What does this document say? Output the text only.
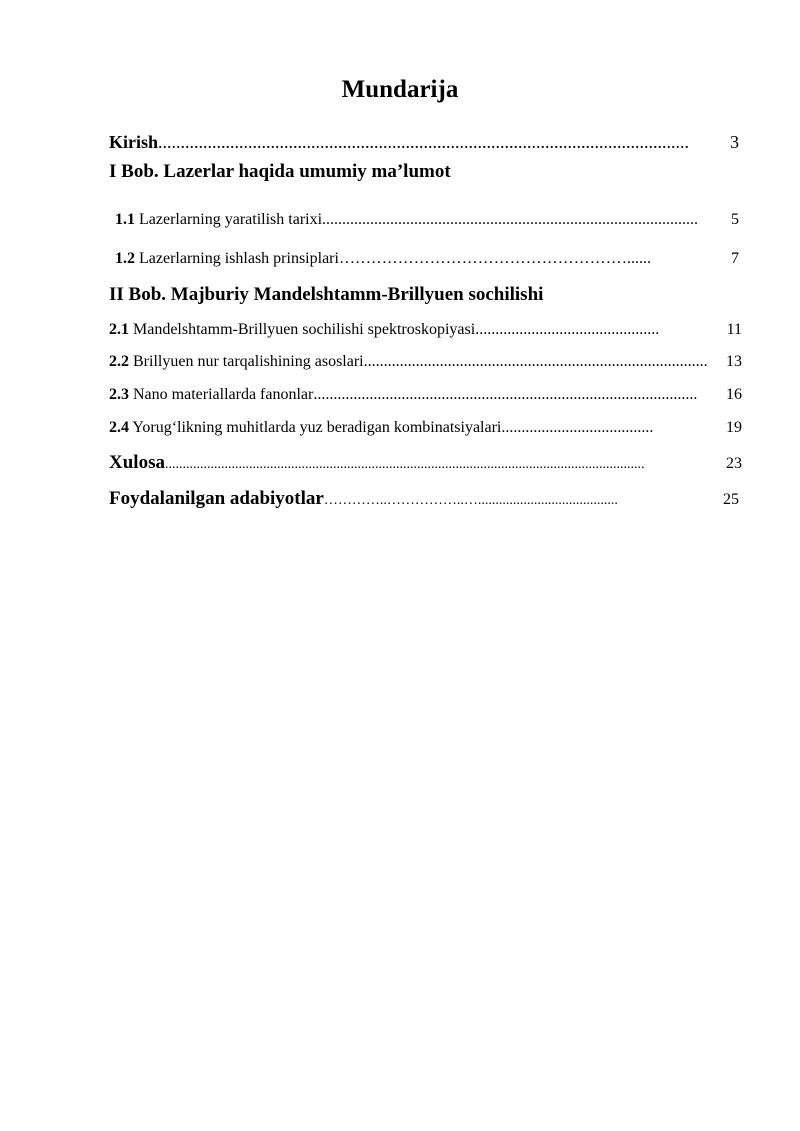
Mundarija
Kirish ......................................................................................................................	3
I Bob. Lazerlar haqida umumiy ma’lumot
1.1 Lazerlarning yaratilish tarixi ..............................................................................................	5
1.2 Lazerlarning ishlash prinsiplari ………………………………………………......	7
II Bob. Majburiy Mandelshtamm-Brillyuen sochilishi
2.1 Mandelshtamm-Brillyuen sochilishi spektroskopiyasi ..............................................	11
2.2 Brillyuen nur tarqalishining asoslari ......................................................................................	13
2.3 Nano materiallarda fanonlar ................................................................................................	16
2.4 Yorug‘likning muhitlarda yuz beradigan kombinatsiyalari ......................................	19
Xulosa .........................................................................................................................................	23
Foydalanilgan adabiyotlar …………..……………..…........................................	25
